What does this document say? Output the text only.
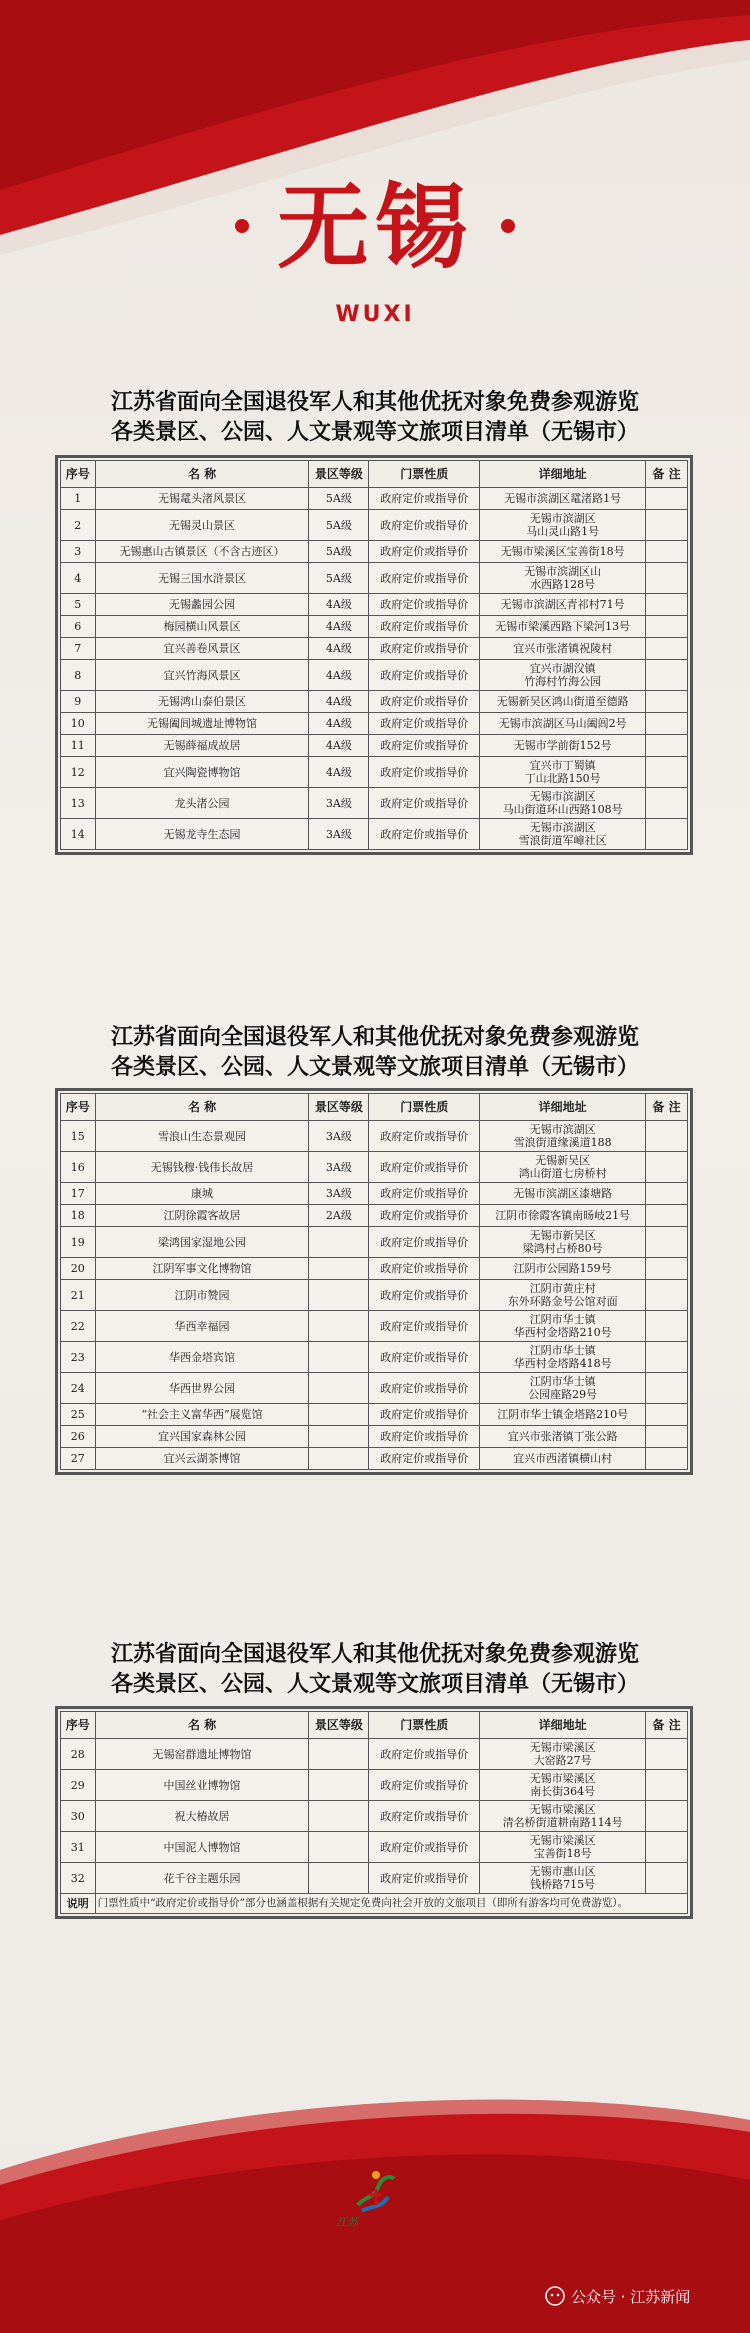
无锡
WUXI
江苏省面向全国退役军人和其他优抚对象免费参观游览
各类景区、公园、人文景观等文旅项目清单（无锡市）
序号	名 称	景区等级	门票性质	详细地址	备 注
1	无锡鼋头渚风景区	5A级	政府定价或指导价	无锡市滨湖区鼋渚路1号	

2	无锡灵山景区	5A级	政府定价或指导价	无锡市滨湖区
马山灵山路1号	

3	无锡惠山古镇景区（不含古迹区）	5A级	政府定价或指导价	无锡市梁溪区宝善街18号	

4	无锡三国水浒景区	5A级	政府定价或指导价	无锡市滨湖区山
水西路128号	

5	无锡蠡园公园	4A级	政府定价或指导价	无锡市滨湖区青祁村71号	

6	梅园横山风景区	4A级	政府定价或指导价	无锡市梁溪西路下梁河13号	

7	宜兴善卷风景区	4A级	政府定价或指导价	宜兴市张渚镇祝陵村	

8	宜兴竹海风景区	4A级	政府定价或指导价	宜兴市湖㳇镇
竹海村竹海公园	

9	无锡鸿山泰伯景区	4A级	政府定价或指导价	无锡新吴区鸿山街道至德路	

10	无锡阖闾城遗址博物馆	4A级	政府定价或指导价	无锡市滨湖区马山阖闾2号	

11	无锡薛福成故居	4A级	政府定价或指导价	无锡市学前街152号	

12	宜兴陶瓷博物馆	4A级	政府定价或指导价	宜兴市丁蜀镇
丁山北路150号	

13	龙头渚公园	3A级	政府定价或指导价	无锡市滨湖区
马山街道环山西路108号	

14	无锡龙寺生态园	3A级	政府定价或指导价	无锡市滨湖区
雪浪街道军嶂社区	

江苏省面向全国退役军人和其他优抚对象免费参观游览
各类景区、公园、人文景观等文旅项目清单（无锡市）
序号	名 称	景区等级	门票性质	详细地址	备 注
15	雪浪山生态景观园	3A级	政府定价或指导价	无锡市滨湖区
雪浪街道缘溪道188	

16	无锡钱穆·钱伟长故居	3A级	政府定价或指导价	无锡新吴区
鸿山街道七房桥村	

17	康城	3A级	政府定价或指导价	无锡市滨湖区漆塘路	

18	江阴徐霞客故居	2A级	政府定价或指导价	江阴市徐霞客镇南旸岐21号	

19	梁鸿国家湿地公园		政府定价或指导价	无锡市新吴区
梁鸿村占桥80号	

20	江阴军事文化博物馆		政府定价或指导价	江阴市公园路159号	

21	江阴市赞园		政府定价或指导价	江阴市黄庄村
东外环路金号公馆对面	

22	华西幸福园		政府定价或指导价	江阴市华士镇
华西村金塔路210号	

23	华西金塔宾馆		政府定价或指导价	江阴市华士镇
华西村金塔路418号	

24	华西世界公园		政府定价或指导价	江阴市华士镇
公园座路29号	

25	“社会主义富华西”展览馆		政府定价或指导价	江阴市华士镇金塔路210号	

26	宜兴国家森林公园		政府定价或指导价	宜兴市张渚镇丁张公路	

27	宜兴云湖茶博馆		政府定价或指导价	宜兴市西渚镇横山村	

江苏省面向全国退役军人和其他优抚对象免费参观游览
各类景区、公园、人文景观等文旅项目清单（无锡市）
序号	名 称	景区等级	门票性质	详细地址	备 注
28	无锡窑群遗址博物馆		政府定价或指导价	无锡市梁溪区
大窑路27号	

29	中国丝业博物馆		政府定价或指导价	无锡市梁溪区
南长街364号	

30	祝大椿故居		政府定价或指导价	无锡市梁溪区
清名桥街道耕南路114号	

31	中国泥人博物馆		政府定价或指导价	无锡市梁溪区
宝善街18号	

32	花千谷主题乐园		政府定价或指导价	无锡市惠山区
钱桥路715号	

说明	门票性质中“政府定价或指导价”部分也涵盖根据有关规定免费向社会开放的文旅项目（即所有游客均可免费游览）。				
江苏
公众号 · 江苏新闻
